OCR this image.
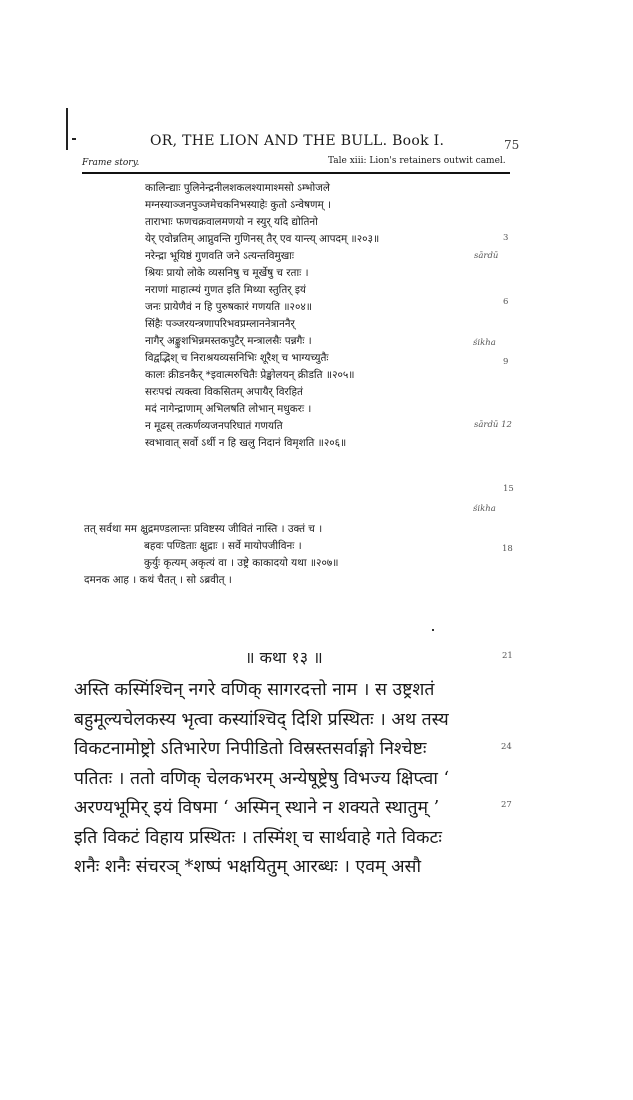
OR, THE LION AND THE BULL. Book I.	75
Frame story.	Tale xiii: Lion's retainers outwit camel.
कालिन्द्याः पुलिनेन्द्रनीलशकलश्यामाश्मसो ऽम्भोजले
मग्नस्याञ्जनपुञ्जमेचकनिभस्याहेः कुतो ऽन्वेषणम् ।
ताराभाः फणचक्रवालमणयो न स्युर् यदि द्योतिनो
येर् एवोन्नतिम् आप्नुवन्ति गुणिनस् तैर् एव यान्त्य् आपदम् ॥२०३॥
नरेन्द्रा भूयिष्ठं गुणवति जने ऽत्यन्तविमुखाः
श्रियः प्रायो लोके व्यसनिषु च मूर्खेषु च रताः ।
नराणां माहात्म्यं गुणत इति मिथ्या स्तुतिर् इयं
जनः प्रायेणैवं न हि पुरुषकारं गणयति ॥२०४॥
सिंहैः पञ्जरयन्त्रणापरिभवप्रम्लाननेत्राननैर्
नागैर् अङ्कुशभिन्नमस्तकपुटैर् मन्त्रालसैः पन्नगैः ।
विद्वद्भिश् च निराश्रयव्यसनिभिः शूरैश् च भाग्यच्युतैः
कालः क्रीडनकैर् *इवात्मरुचितैः प्रेङ्खोलयन् क्रीडति ॥२०५॥
सरःपद्मं त्यक्त्वा विकसितम् अपायैर् विरहितं
मदं नागेन्द्राणाम् अभिलषति लोभान् मधुकरः ।
न मूढस् तत्कर्णव्यजनपरिघातं गणयति
स्वभावात् सर्वो ऽर्थी न हि खलु निदानं विमृशति ॥२०६॥
3
sārdū
6
śikha
9
sārdū 12
15
śikha
तत् सर्वथा मम क्षुद्रमण्डलान्तः प्रविष्टस्य जीवितं नास्ति । उक्तं च ।
बहवः पण्डिताः क्षुद्राः । सर्वे मायोपजीविनः ।
कुर्युः कृत्यम् अकृत्यं वा । उष्ट्रे काकादयो यथा ॥२०७॥
दमनक आह । कथं चैतत् । सो ऽब्रवीत् ।
18
॥ कथा १३ ॥	21
अस्ति कस्मिंश्चिन् नगरे वणिक् सागरदत्तो नाम । स उष्ट्रशतं
बहुमूल्यचेलकस्य भृत्वा कस्यांश्चिद् दिशि प्रस्थितः । अथ तस्य
विकटनामोष्ट्रो ऽतिभारेण निपीडितो विस्रस्तसर्वाङ्गो निश्चेष्टः
पतितः । ततो वणिक् चेलकभरम् अन्येषूष्ट्रेषु विभज्य क्षिप्त्वा ‘
अरण्यभूमिर् इयं विषमा ‘ अस्मिन् स्थाने न शक्यते स्थातुम् ’
इति विकटं विहाय प्रस्थितः । तस्मिंश् च सार्थवाहे गते विकटः
शनैः शनैः संचरञ् *शष्पं भक्षयितुम् आरब्धः । एवम् असौ
24
27
